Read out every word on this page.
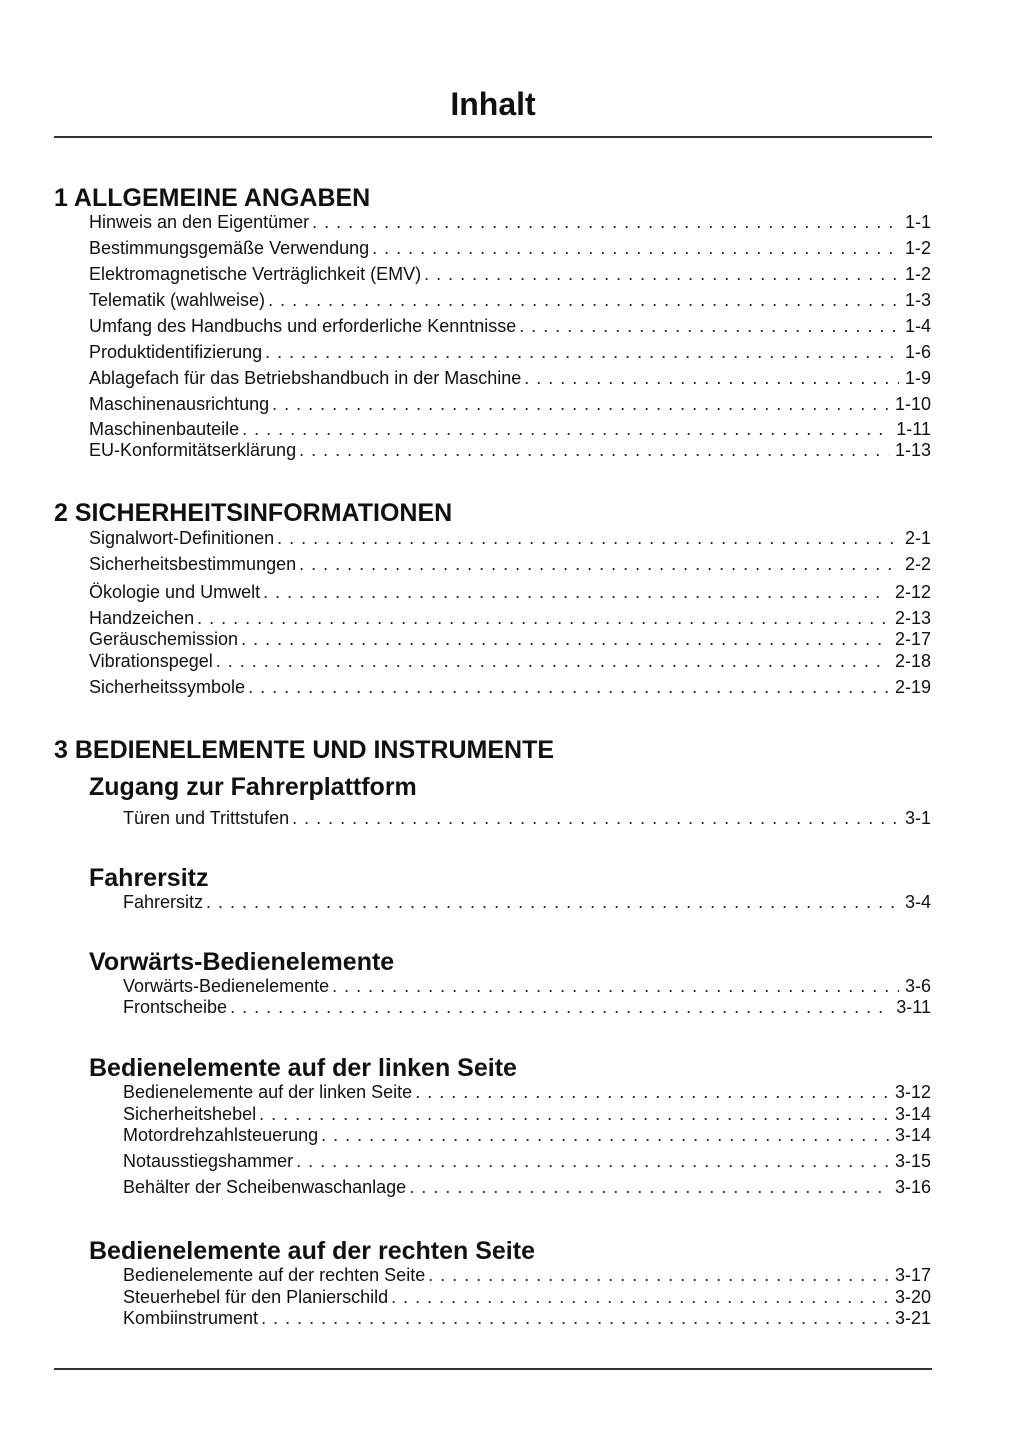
Inhalt
1 ALLGEMEINE ANGABEN
Hinweis an den Eigentümer . . .	1-1
Bestimmungsgemäße Verwendung . . .	1-2
Elektromagnetische Verträglichkeit (EMV) . . .	1-2
Telematik (wahlweise) . . .	1-3
Umfang des Handbuchs und erforderliche Kenntnisse . . .	1-4
Produktidentifizierung . . .	1-6
Ablagefach für das Betriebshandbuch in der Maschine . . .	1-9
Maschinenausrichtung . . .	1-10
Maschinenbauteile . . .	1-11
EU-Konformitätserklärung . . .	1-13
2 SICHERHEITSINFORMATIONEN
Signalwort-Definitionen . . .	2-1
Sicherheitsbestimmungen . . .	2-2
Ökologie und Umwelt . . .	2-12
Handzeichen . . .	2-13
Geräuschemission . . .	2-17
Vibrationspegel . . .	2-18
Sicherheitssymbole . . .	2-19
3 BEDIENELEMENTE UND INSTRUMENTE
Zugang zur Fahrerplattform
Türen und Trittstufen . . .	3-1
Fahrersitz
Fahrersitz . . .	3-4
Vorwärts-Bedienelemente
Vorwärts-Bedienelemente . . .	3-6
Frontscheibe . . .	3-11
Bedienelemente auf der linken Seite
Bedienelemente auf der linken Seite . . .	3-12
Sicherheitshebel . . .	3-14
Motordrehzahlsteuerung . . .	3-14
Notausstiegshammer . . .	3-15
Behälter der Scheibenwaschanlage . . .	3-16
Bedienelemente auf der rechten Seite
Bedienelemente auf der rechten Seite . . .	3-17
Steuerhebel für den Planierschild . . .	3-20
Kombiinstrument . . .	3-21
